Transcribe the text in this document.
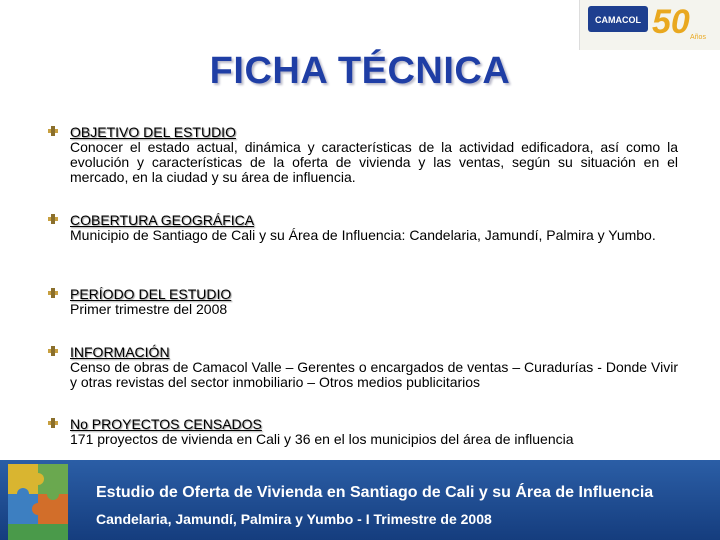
CAMACOL 50 Años
FICHA TÉCNICA
OBJETIVO DEL ESTUDIO
Conocer el estado actual, dinámica y características de la actividad edificadora, así como la evolución y características de la oferta de vivienda y las ventas, según su situación en el mercado, en la ciudad y su área de influencia.
COBERTURA GEOGRÁFICA
Municipio de Santiago de Cali y su Área de Influencia: Candelaria, Jamundí, Palmira y Yumbo.
PERÍODO DEL ESTUDIO
Primer trimestre del 2008
INFORMACIÓN
Censo de obras de Camacol Valle – Gerentes o encargados de ventas – Curadurías - Donde Vivir y otras revistas del sector inmobiliario – Otros medios publicitarios
No PROYECTOS CENSADOS
171 proyectos de vivienda en Cali y 36 en el los municipios del área de influencia
Estudio de Oferta de Vivienda en Santiago de Cali y su Área de Influencia
Candelaria, Jamundí, Palmira y Yumbo - I Trimestre de 2008
